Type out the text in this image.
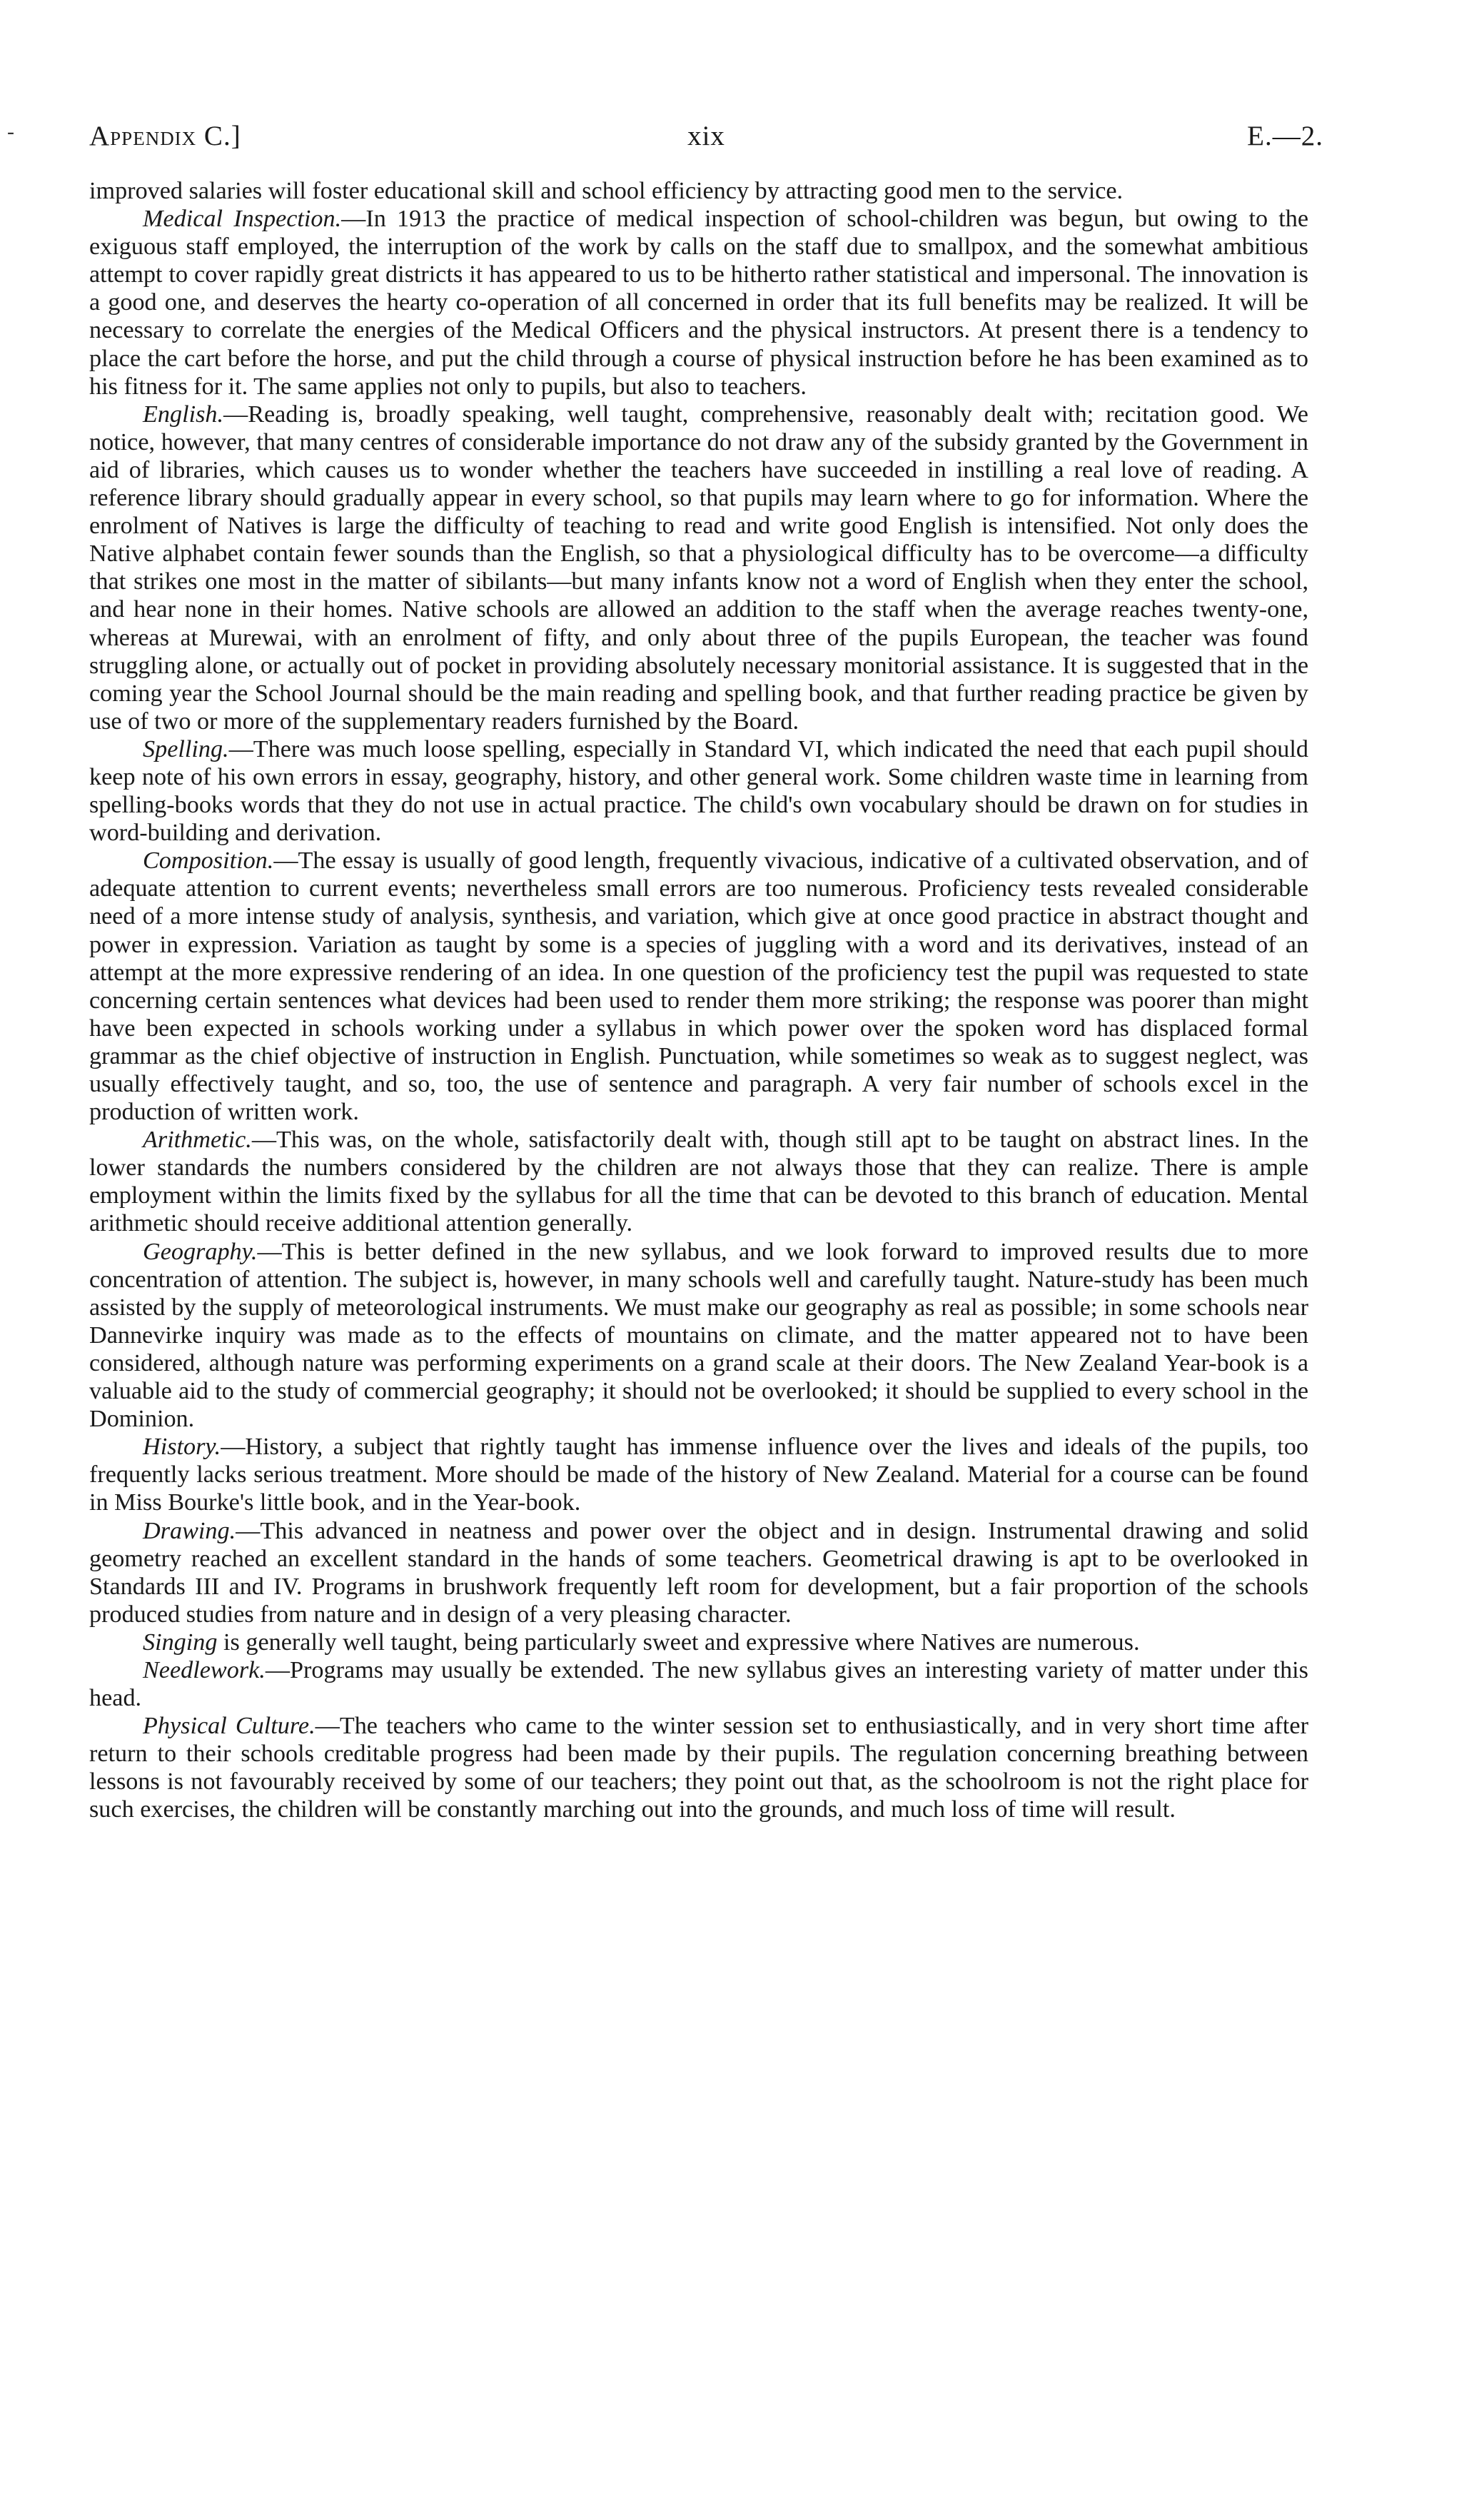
-	Appendix C.]	xix	E.—2.

improved salaries will foster educational skill and school efficiency by attracting good men to the service.

Medical Inspection.—In 1913 the practice of medical inspection of school-children was begun, but owing to the exiguous staff employed, the interruption of the work by calls on the staff due to smallpox, and the somewhat ambitious attempt to cover rapidly great districts it has appeared to us to be hitherto rather statistical and impersonal. The innovation is a good one, and deserves the hearty co-operation of all concerned in order that its full benefits may be realized. It will be necessary to correlate the energies of the Medical Officers and the physical instructors. At present there is a tendency to place the cart before the horse, and put the child through a course of physical instruction before he has been examined as to his fitness for it. The same applies not only to pupils, but also to teachers.

English.—Reading is, broadly speaking, well taught, comprehensive, reasonably dealt with; recitation good. We notice, however, that many centres of considerable importance do not draw any of the subsidy granted by the Government in aid of libraries, which causes us to wonder whether the teachers have succeeded in instilling a real love of reading. A reference library should gradually appear in every school, so that pupils may learn where to go for information. Where the enrolment of Natives is large the difficulty of teaching to read and write good English is intensified. Not only does the Native alphabet contain fewer sounds than the English, so that a physiological difficulty has to be overcome—a difficulty that strikes one most in the matter of sibilants—but many infants know not a word of English when they enter the school, and hear none in their homes. Native schools are allowed an addition to the staff when the average reaches twenty-one, whereas at Murewai, with an enrolment of fifty, and only about three of the pupils European, the teacher was found struggling alone, or actually out of pocket in providing absolutely necessary monitorial assistance. It is suggested that in the coming year the School Journal should be the main reading and spelling book, and that further reading practice be given by use of two or more of the supplementary readers furnished by the Board.

Spelling.—There was much loose spelling, especially in Standard VI, which indicated the need that each pupil should keep note of his own errors in essay, geography, history, and other general work. Some children waste time in learning from spelling-books words that they do not use in actual practice. The child's own vocabulary should be drawn on for studies in word-building and derivation.

Composition.—The essay is usually of good length, frequently vivacious, indicative of a cultivated observation, and of adequate attention to current events; nevertheless small errors are too numerous. Proficiency tests revealed considerable need of a more intense study of analysis, synthesis, and variation, which give at once good practice in abstract thought and power in expression. Variation as taught by some is a species of juggling with a word and its derivatives, instead of an attempt at the more expressive rendering of an idea. In one question of the proficiency test the pupil was requested to state concerning certain sentences what devices had been used to render them more striking; the response was poorer than might have been expected in schools working under a syllabus in which power over the spoken word has displaced formal grammar as the chief objective of instruction in English. Punctuation, while sometimes so weak as to suggest neglect, was usually effectively taught, and so, too, the use of sentence and paragraph. A very fair number of schools excel in the production of written work.

Arithmetic.—This was, on the whole, satisfactorily dealt with, though still apt to be taught on abstract lines. In the lower standards the numbers considered by the children are not always those that they can realize. There is ample employment within the limits fixed by the syllabus for all the time that can be devoted to this branch of education. Mental arithmetic should receive additional attention generally.

Geography.—This is better defined in the new syllabus, and we look forward to improved results due to more concentration of attention. The subject is, however, in many schools well and carefully taught. Nature-study has been much assisted by the supply of meteorological instruments. We must make our geography as real as possible; in some schools near Dannevirke inquiry was made as to the effects of mountains on climate, and the matter appeared not to have been considered, although nature was performing experiments on a grand scale at their doors. The New Zealand Year-book is a valuable aid to the study of commercial geography; it should not be overlooked; it should be supplied to every school in the Dominion.

History.—History, a subject that rightly taught has immense influence over the lives and ideals of the pupils, too frequently lacks serious treatment. More should be made of the history of New Zealand. Material for a course can be found in Miss Bourke's little book, and in the Year-book.

Drawing.—This advanced in neatness and power over the object and in design. Instrumental drawing and solid geometry reached an excellent standard in the hands of some teachers. Geometrical drawing is apt to be overlooked in Standards III and IV. Programs in brushwork frequently left room for development, but a fair proportion of the schools produced studies from nature and in design of a very pleasing character.

Singing is generally well taught, being particularly sweet and expressive where Natives are numerous.

Needlework.—Programs may usually be extended. The new syllabus gives an interesting variety of matter under this head.

Physical Culture.—The teachers who came to the winter session set to enthusiastically, and in very short time after return to their schools creditable progress had been made by their pupils. The regulation concerning breathing between lessons is not favourably received by some of our teachers; they point out that, as the schoolroom is not the right place for such exercises, the children will be constantly marching out into the grounds, and much loss of time will result.
